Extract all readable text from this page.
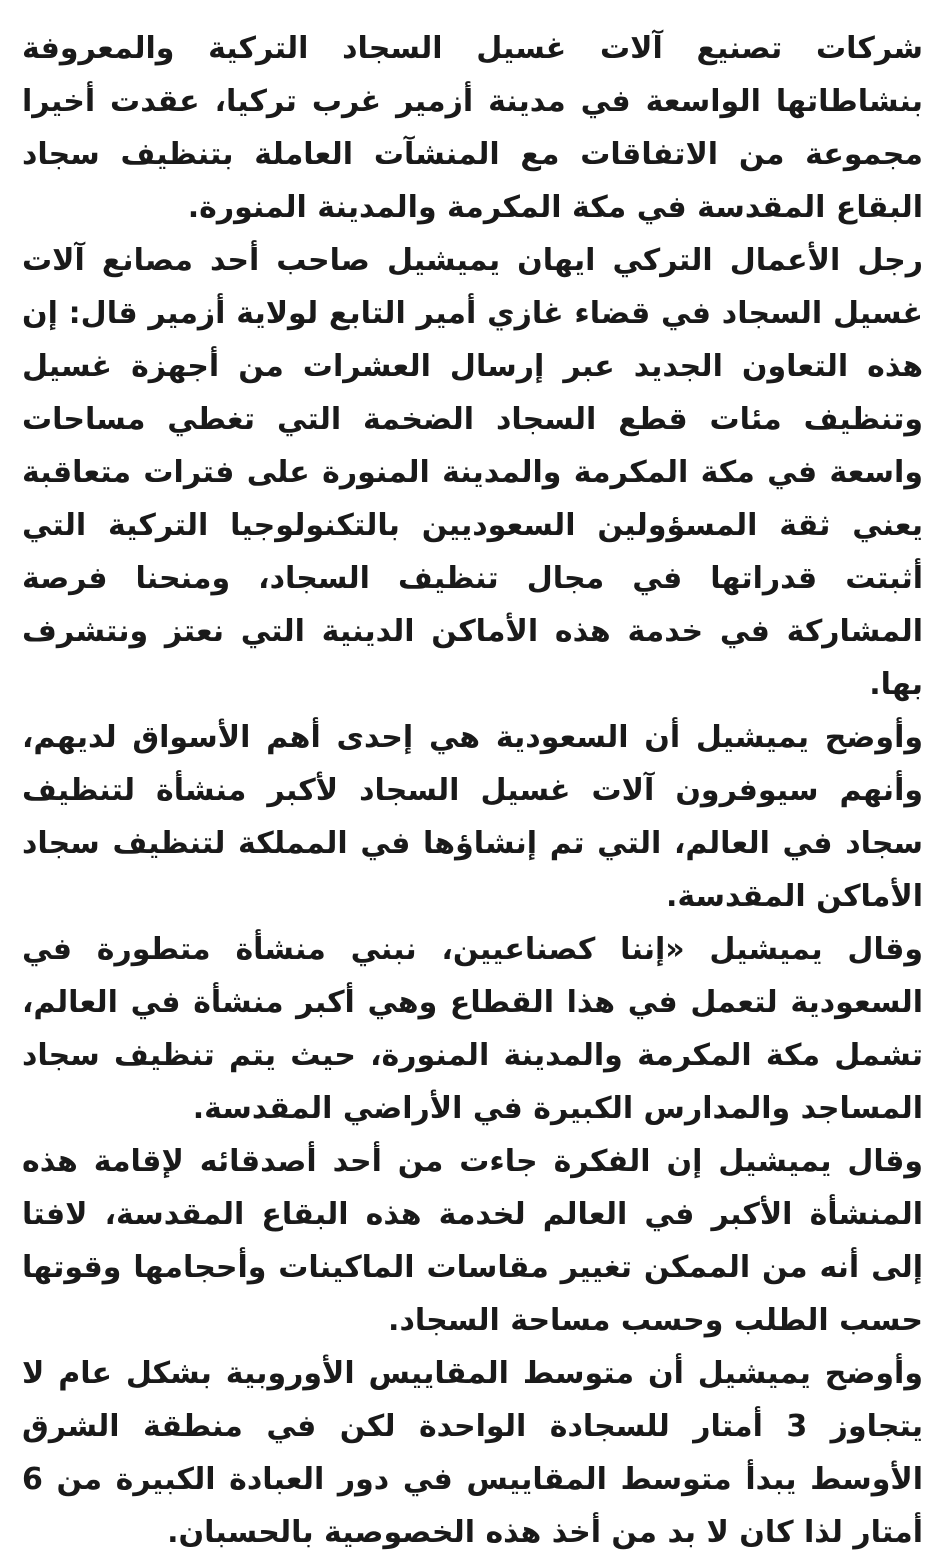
شركات تصنيع آلات غسيل السجاد التركية والمعروفة بنشاطاتها الواسعة في مدينة أزمير غرب تركيا، عقدت أخيرا مجموعة من الاتفاقات مع المنشآت العاملة بتنظيف سجاد البقاع المقدسة في مكة المكرمة والمدينة المنورة.

رجل الأعمال التركي ايهان يميشيل صاحب أحد مصانع آلات غسيل السجاد في قضاء غازي أمير التابع لولاية أزمير قال: إن هذه التعاون الجديد عبر إرسال العشرات من أجهزة غسيل وتنظيف مئات قطع السجاد الضخمة التي تغطي مساحات واسعة في مكة المكرمة والمدينة المنورة على فترات متعاقبة يعني ثقة المسؤولين السعوديين بالتكنولوجيا التركية التي أثبتت قدراتها في مجال تنظيف السجاد، ومنحنا فرصة المشاركة في خدمة هذه الأماكن الدينية التي نعتز ونتشرف بها.

وأوضح يميشيل أن السعودية هي إحدى أهم الأسواق لديهم، وأنهم سيوفرون آلات غسيل السجاد لأكبر منشأة لتنظيف سجاد في العالم، التي تم إنشاؤها في المملكة لتنظيف سجاد الأماكن المقدسة.

وقال يميشيل «إننا كصناعيين، نبني منشأة متطورة في السعودية لتعمل في هذا القطاع وهي أكبر منشأة في العالم، تشمل مكة المكرمة والمدينة المنورة، حيث يتم تنظيف سجاد المساجد والمدارس الكبيرة في الأراضي المقدسة.

وقال يميشيل إن الفكرة جاءت من أحد أصدقائه لإقامة هذه المنشأة الأكبر في العالم لخدمة هذه البقاع المقدسة، لافتا إلى أنه من الممكن تغيير مقاسات الماكينات وأحجامها وقوتها حسب الطلب وحسب مساحة السجاد.

وأوضح يميشيل أن متوسط المقاييس الأوروبية بشكل عام لا يتجاوز 3 أمتار للسجادة الواحدة لكن في منطقة الشرق الأوسط يبدأ متوسط المقاييس في دور العبادة الكبيرة من 6 أمتار لذا كان لا بد من أخذ هذه الخصوصية بالحسبان.
